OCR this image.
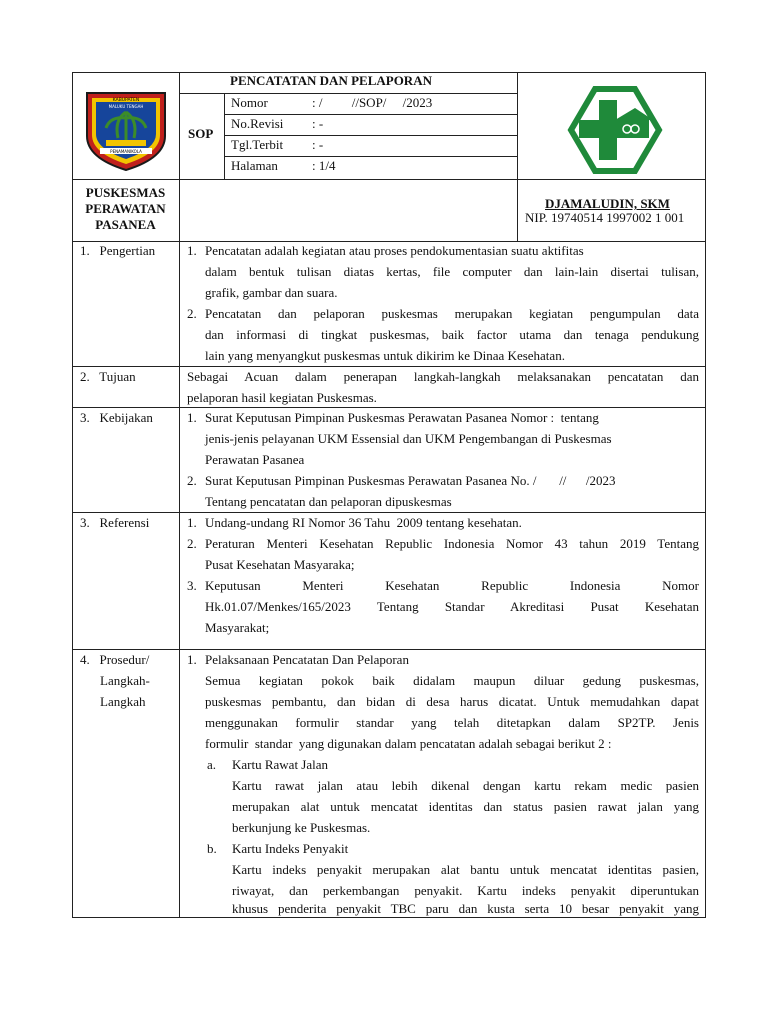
KABUPATEN
MALUKU TENGAH
PENAMANIKOLA
PENCATATAN DAN PELAPORAN
SOP
Nomor	: /         //SOP/     /2023
No.Revisi : -
Tgl.Terbit : -
Halaman	: 1/4
PUSKESMAS
PERAWATAN
PASANEA
DJAMALUDIN, SKM
NIP. 19740514 1997002 1 001
1.   Pengertian 1. Pencatatan adalah kegiatan atau proses pendokumentasian suatu aktifitas
dalam bentuk tulisan diatas kertas, file computer dan lain-lain disertai tulisan,
grafik, gambar dan suara.
2. Pencatatan dan pelaporan puskesmas merupakan kegiatan pengumpulan data
dan informasi di tingkat puskesmas, baik factor utama dan tenaga pendukung
lain yang menyangkut puskesmas untuk dikirim ke Dinaa Kesehatan.
2.   Tujuan	Sebagai Acuan dalam penerapan langkah-langkah melaksanakan pencatatan dan
pelaporan hasil kegiatan Puskesmas.
3.   Kebijakan	1. Surat Keputusan Pimpinan Puskesmas Perawatan Pasanea Nomor :  tentang
jenis-jenis pelayanan UKM Essensial dan UKM Pengembangan di Puskesmas
Perawatan Pasanea
2. Surat Keputusan Pimpinan Puskesmas Perawatan Pasanea No. /       //      /2023
Tentang pencatatan dan pelaporan dipuskesmas
3.   Referensi	1. Undang-undang RI Nomor 36 Tahu  2009 tentang kesehatan.
2. Peraturan Menteri Kesehatan Republic Indonesia Nomor 43 tahun 2019 Tentang
Pusat Kesehatan Masyaraka;
3. Keputusan Menteri Kesehatan Republic Indonesia Nomor
Hk.01.07/Menkes/165/2023 Tentang Standar Akreditasi Pusat Kesehatan
Masyarakat;
4.   Prosedur/
Langkah-
Langkah
1. Pelaksanaan Pencatatan Dan Pelaporan
Semua kegiatan pokok baik didalam maupun diluar gedung puskesmas,
puskesmas pembantu, dan bidan di desa harus dicatat. Untuk memudahkan dapat
menggunakan formulir standar yang telah ditetapkan dalam SP2TP. Jenis
formulir  standar  yang digunakan dalam pencatatan adalah sebagai berikut 2 :
a. Kartu Rawat Jalan
Kartu rawat jalan atau lebih dikenal dengan kartu rekam medic pasien
merupakan alat untuk mencatat identitas dan status pasien rawat jalan yang
berkunjung ke Puskesmas.
b. Kartu Indeks Penyakit
Kartu indeks penyakit merupakan alat bantu untuk mencatat identitas pasien,
riwayat, dan perkembangan penyakit. Kartu indeks penyakit diperuntukan
khusus penderita penyakit TBC paru dan kusta serta 10 besar penyakit yang
